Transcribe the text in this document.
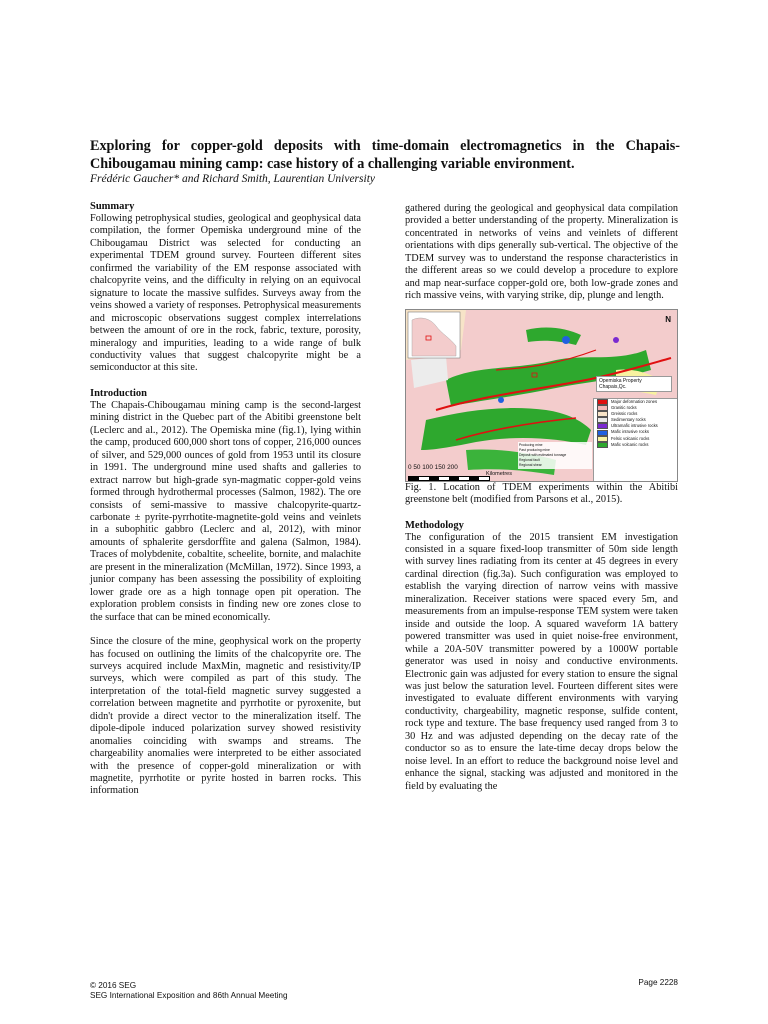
Exploring for copper-gold deposits with time-domain electromagnetics in the Chapais-Chibougamau mining camp: case history of a challenging variable environment.
Frédéric Gaucher* and Richard Smith, Laurentian University
Summary

Following petrophysical studies, geological and geophysical data compilation, the former Opemiska underground mine of the Chibougamau District was selected for conducting an experimental TDEM ground survey. Fourteen different sites confirmed the variability of the EM response associated with chalcopyrite veins, and the difficulty in relying on an equivocal signature to locate the massive sulfides. Surveys away from the veins showed a variety of responses. Petrophysical measurements and microscopic observations suggest complex interrelations between the amount of ore in the rock, fabric, texture, porosity, mineralogy and impurities, leading to a wide range of bulk conductivity values that suggest chalcopyrite might be a semiconductor at this site.

Introduction

The Chapais-Chibougamau mining camp is the second-largest mining district in the Quebec part of the Abitibi greenstone belt (Leclerc and al., 2012). The Opemiska mine (fig.1), lying within the camp, produced 600,000 short tons of copper, 216,000 ounces of silver, and 529,000 ounces of gold from 1953 until its closure in 1991. The underground mine used shafts and galleries to extract narrow but high-grade syn-magmatic copper-gold veins formed through hydrothermal processes (Salmon, 1982). The ore consists of semi-massive to massive chalcopyrite-quartz-carbonate ± pyrite-pyrrhotite-magnetite-gold veins and veinlets in a subophitic gabbro (Leclerc and al, 2012), with minor amounts of sphalerite gersdorffite and galena (Salmon, 1984). Traces of molybdenite, cobaltite, scheelite, bornite, and malachite are present in the mineralization (McMillan, 1972). Since 1993, a junior company has been assessing the possibility of exploiting lower grade ore as a high tonnage open pit operation. The exploration problem consists in finding new ore zones close to the surface that can be mined economically.

Since the closure of the mine, geophysical work on the property has focused on outlining the limits of the chalcopyrite ore. The surveys acquired include MaxMin, magnetic and resistivity/IP surveys, which were compiled as part of this study. The interpretation of the total-field magnetic survey suggested a correlation between magnetite and pyrrhotite or pyroxenite, but didn't provide a direct vector to the mineralization itself. The dipole-dipole induced polarization survey showed resistivity anomalies coinciding with swamps and streams. The chargeability anomalies were interpreted to be either associated with the presence of copper-gold mineralization or with magnetite, pyrrhotite or pyrite hosted in barren rocks. This information

gathered during the geological and geophysical data compilation provided a better understanding of the property. Mineralization is concentrated in networks of veins and veinlets of different orientations with dips generally sub-vertical. The objective of the TDEM survey was to understand the response characteristics in the different areas so we could develop a procedure to explore and map near-surface copper-gold ore, both low-grade zones and rich massive veins, with varying strike, dip, plunge and length.

N
Opemiska Property
Chapais,Qc.
Producing mine
Past producing mine
Deposit with estimated tonnage
Regional fault
Regional shear
Major deformation zones
Granitic rocks
Greissic rocks
Sedimentary rocks
Ultramafic intrusive rocks
Mafic intrusive rocks
Felsic volcanic rocks
Mafic volcanic rocks
0 50 100 150 200
Kilometres

Fig. 1. Location of TDEM experiments within the Abitibi greenstone belt (modified from Parsons et al., 2015).

Methodology

The configuration of the 2015 transient EM investigation consisted in a square fixed-loop transmitter of 50m side length with survey lines radiating from its center at 45 degrees in every cardinal direction (fig.3a). Such configuration was employed to establish the varying direction of narrow veins with massive mineralization. Receiver stations were spaced every 5m, and measurements from an impulse-response TEM system were taken inside and outside the loop. A squared waveform 1A battery powered transmitter was used in quiet noise-free environment, while a 20A-50V transmitter powered by a 1000W portable generator was used in noisy and conductive environments. Electronic gain was adjusted for every station to ensure the signal was just below the saturation level. Fourteen different sites were investigated to evaluate different environments with varying conductivity, chargeability, magnetic response, sulfide content, rock type and texture. The base frequency used ranged from 3 to 30 Hz and was adjusted depending on the decay rate of the conductor so as to ensure the late-time decay drops below the noise level. In an effort to reduce the background noise level and enhance the signal, stacking was adjusted and monitored in the field by evaluating the

© 2016 SEG
SEG International Exposition and 86th Annual Meeting
Page 2228
